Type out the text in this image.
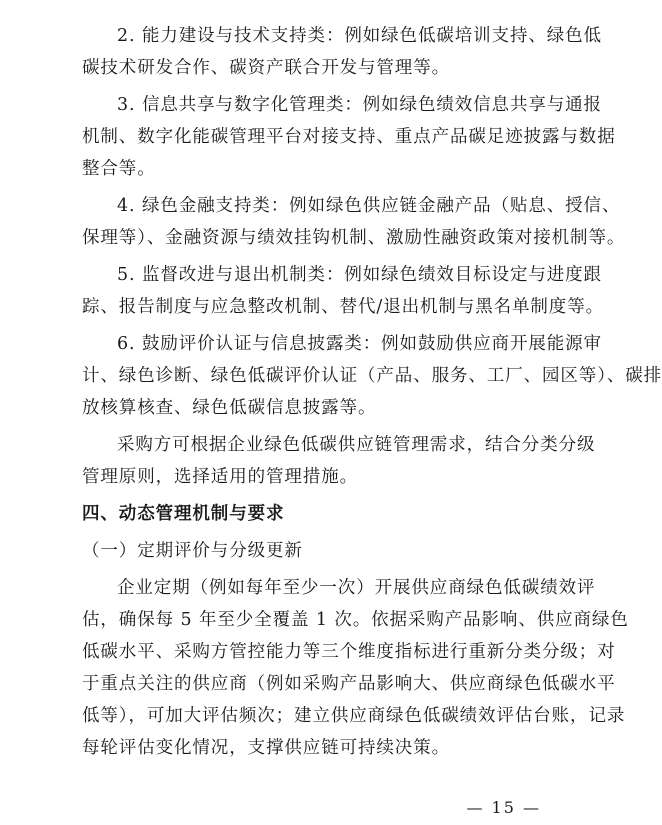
2. 能力建设与技术支持类：例如绿色低碳培训支持、绿色低
碳技术研发合作、碳资产联合开发与管理等。

3. 信息共享与数字化管理类：例如绿色绩效信息共享与通报
机制、数字化能碳管理平台对接支持、重点产品碳足迹披露与数据
整合等。

4. 绿色金融支持类：例如绿色供应链金融产品（贴息、授信、
保理等）、金融资源与绩效挂钩机制、激励性融资政策对接机制等。

5. 监督改进与退出机制类：例如绿色绩效目标设定与进度跟
踪、报告制度与应急整改机制、替代/退出机制与黑名单制度等。

6. 鼓励评价认证与信息披露类：例如鼓励供应商开展能源审
计、绿色诊断、绿色低碳评价认证（产品、服务、工厂、园区等）、碳排
放核算核查、绿色低碳信息披露等。

采购方可根据企业绿色低碳供应链管理需求，结合分类分级
管理原则，选择适用的管理措施。

四、动态管理机制与要求

（一）定期评价与分级更新

企业定期（例如每年至少一次）开展供应商绿色低碳绩效评
估，确保每 5 年至少全覆盖 1 次。依据采购产品影响、供应商绿色
低碳水平、采购方管控能力等三个维度指标进行重新分类分级；对
于重点关注的供应商（例如采购产品影响大、供应商绿色低碳水平
低等），可加大评估频次；建立供应商绿色低碳绩效评估台账，记录
每轮评估变化情况，支撑供应链可持续决策。

— 15 —
